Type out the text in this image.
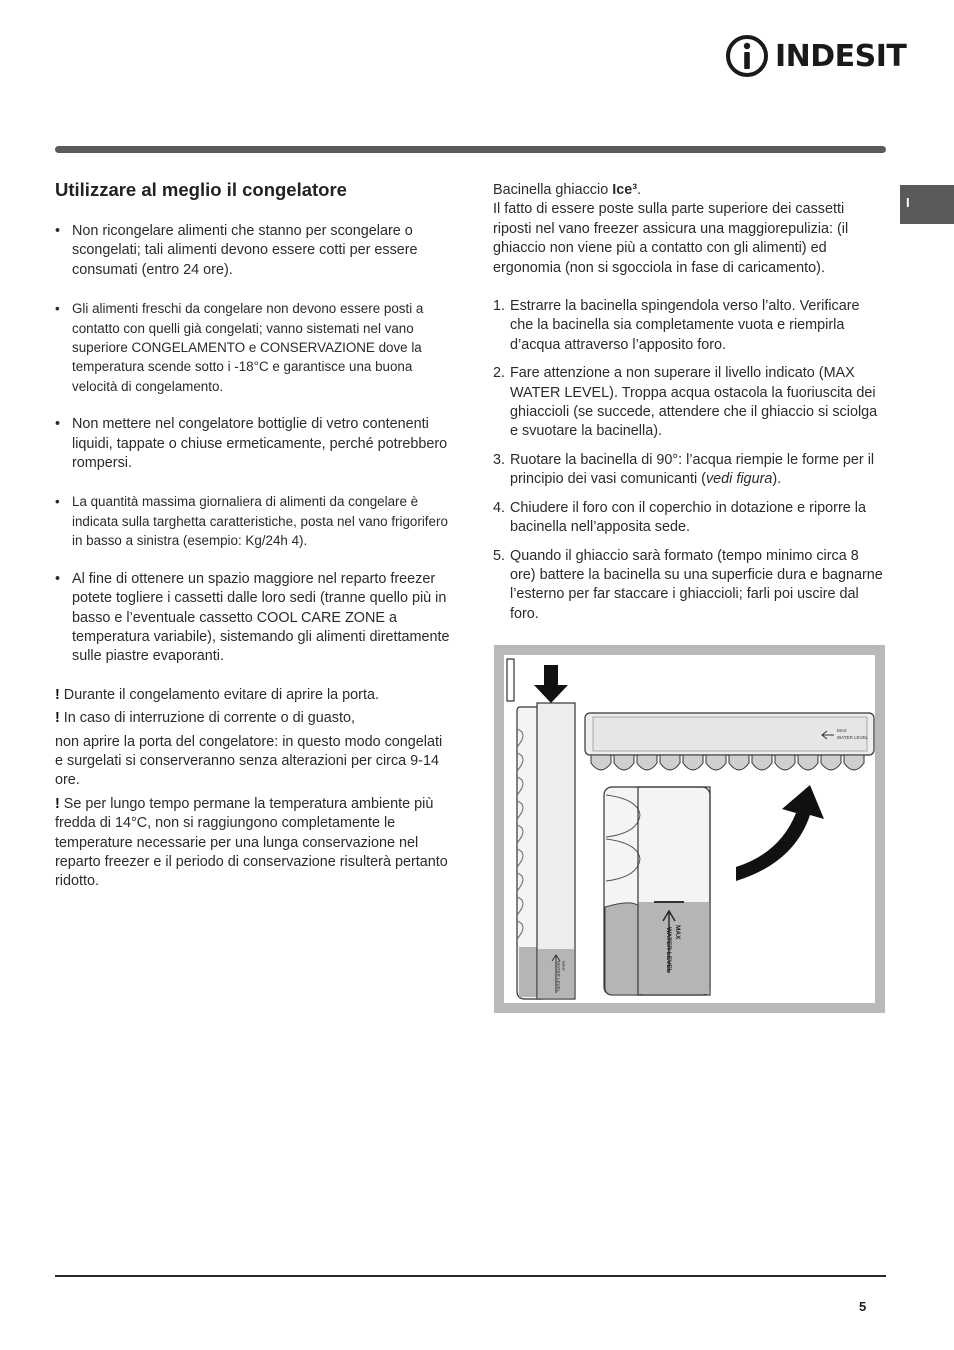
INDESIT
I
Utilizzare al meglio il congelatore
• Non ricongelare alimenti che stanno per scongelare o scongelati; tali alimenti devono essere cotti per essere consumati (entro 24 ore).
• Gli alimenti freschi da congelare non devono essere posti a contatto con quelli già congelati; vanno sistemati nel vano superiore CONGELAMENTO e CONSERVAZIONE dove la temperatura scende sotto i -18°C e garantisce una buona velocità di congelamento.
• Non mettere nel congelatore bottiglie di vetro contenenti liquidi, tappate o chiuse ermeticamente, perché potrebbero rompersi.
• La quantità massima giornaliera di alimenti da congelare è indicata sulla targhetta caratteristiche, posta nel vano frigorifero in basso a sinistra (esempio: Kg/24h 4).
• Al fine di ottenere un spazio maggiore nel reparto freezer potete togliere i cassetti dalle loro sedi (tranne quello più in basso e l’eventuale cassetto COOL CARE ZONE a temperatura variabile), sistemando gli alimenti direttamente sulle piastre evaporanti.

! Durante il congelamento evitare di aprire la porta.

! In caso di interruzione di corrente o di guasto,

non aprire la porta del congelatore: in questo modo congelati e surgelati si conserveranno senza alterazioni per circa 9-14 ore.

! Se per lungo tempo permane la temperatura ambiente più fredda di 14°C, non si raggiungono completamente le temperature necessarie per una lunga conservazione nel reparto freezer e il periodo di conservazione risulterà pertanto ridotto.

Bacinella ghiaccio Ice³.

Il fatto di essere poste sulla parte superiore dei cassetti riposti nel vano freezer assicura una maggiorepulizia: (il ghiaccio non viene più a contatto con gli alimenti) ed ergonomia (non si sgocciola in fase di caricamento).

1. Estrarre la bacinella spingendola verso l’alto. Verificare che la bacinella sia completamente vuota e riempirla d’acqua attraverso l’apposito foro.
2. Fare attenzione a non superare il livello indicato (MAX WATER LEVEL). Troppa acqua ostacola la fuoriuscita dei ghiaccioli (se succede, attendere che il ghiaccio si sciolga e svuotare la bacinella).
3. Ruotare la bacinella di 90°: l’acqua riempie le forme per il principio dei vasi comunicanti (vedi figura).
4. Chiudere il foro con il coperchio in dotazione e riporre la bacinella nell’apposita sede.
5. Quando il ghiaccio sarà formato (tempo minimo circa 8 ore) battere la bacinella su una superficie dura e bagnarne l’esterno per far staccare i ghiaccioli; farli poi uscire dal foro.
MAX
WATER LEVEL
MAX
WATER LEVEL
MAX
WATER LEVEL
5
